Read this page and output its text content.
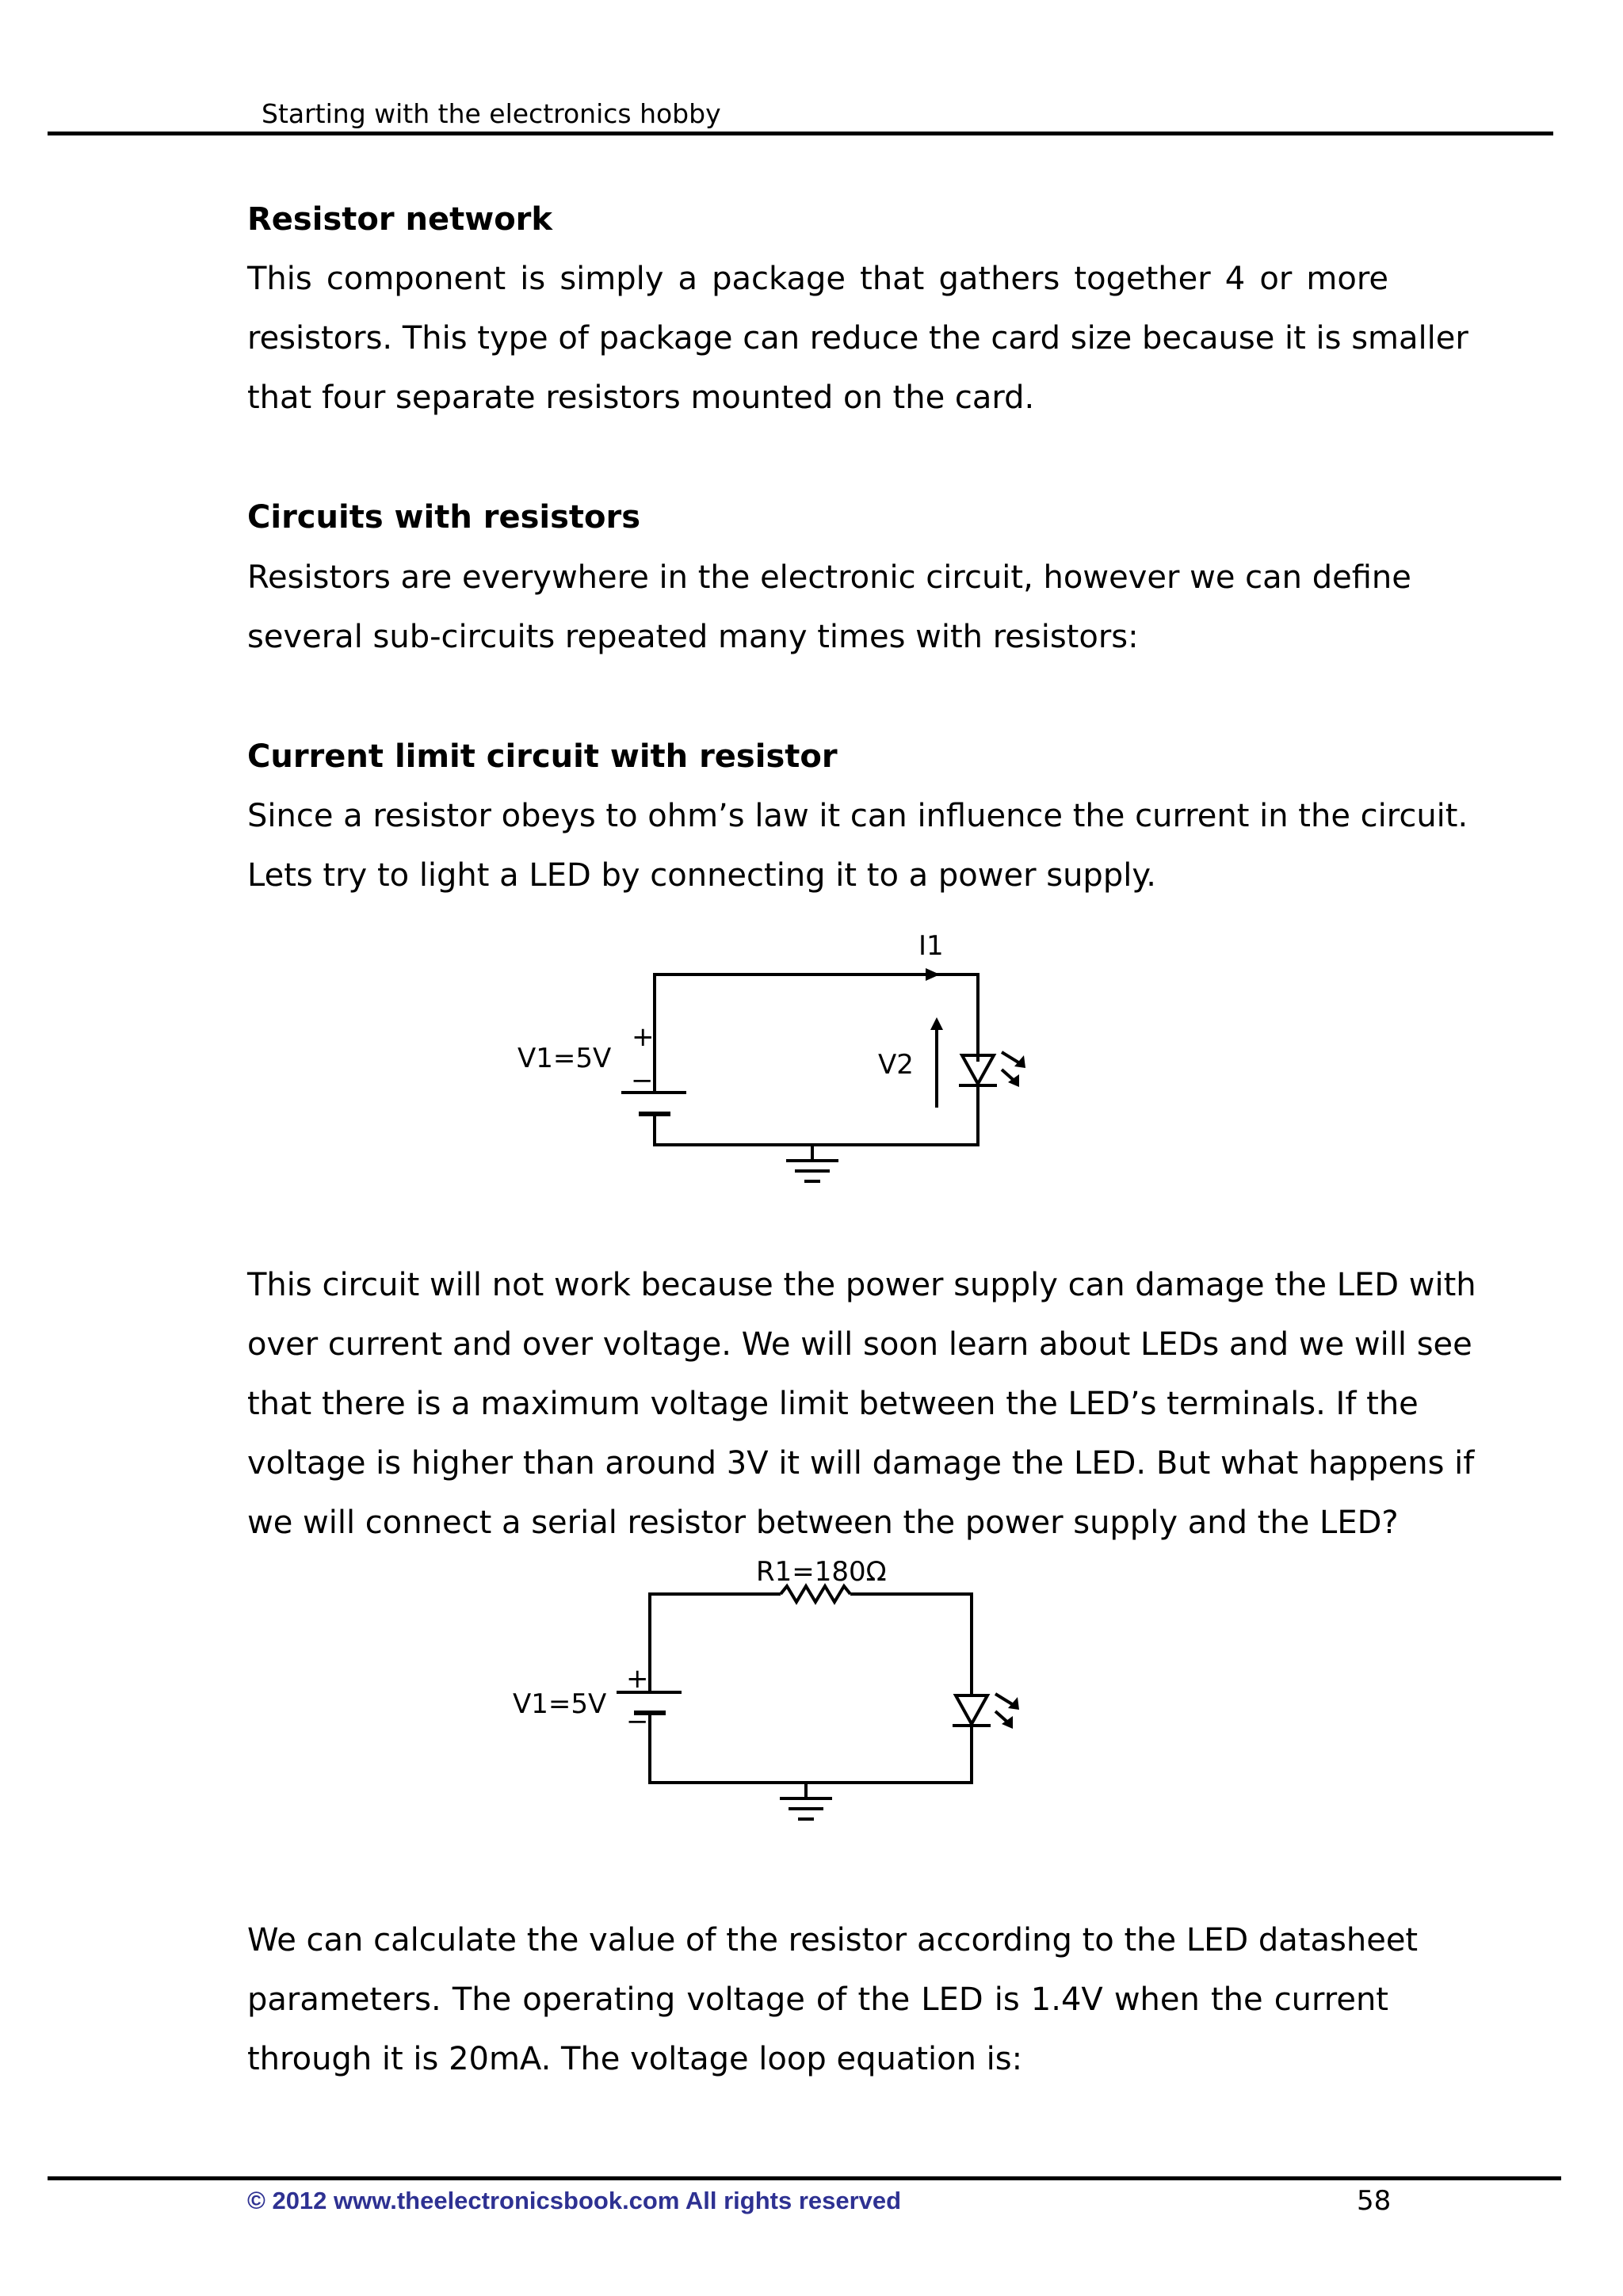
Starting with the electronics hobby
Resistor network

This component is simply a package that gathers together 4 or more
resistors. This type of package can reduce the card size because it is smaller
that four separate resistors mounted on the card.

Circuits with resistors

Resistors are everywhere in the electronic circuit, however we can define
several sub-circuits repeated many times with resistors:

Current limit circuit with resistor

Since a resistor obeys to ohm’s law it can influence the current in the circuit.
Lets try to light a LED by connecting it to a power supply.

V1=5V
I1
V2
+
−

This circuit will not work because the power supply can damage the LED with
over current and over voltage. We will soon learn about LEDs and we will see
that there is a maximum voltage limit between the LED’s terminals. If the
voltage is higher than around 3V it will damage the LED. But what happens if
we will connect a serial resistor between the power supply and the LED?

R1=180Ω
V1=5V
+
−

We can calculate the value of the resistor according to the LED datasheet
parameters. The operating voltage of the LED is 1.4V when the current
through it is 20mA. The voltage loop equation is:

© 2012 www.theelectronicsbook.com All rights reserved	58
